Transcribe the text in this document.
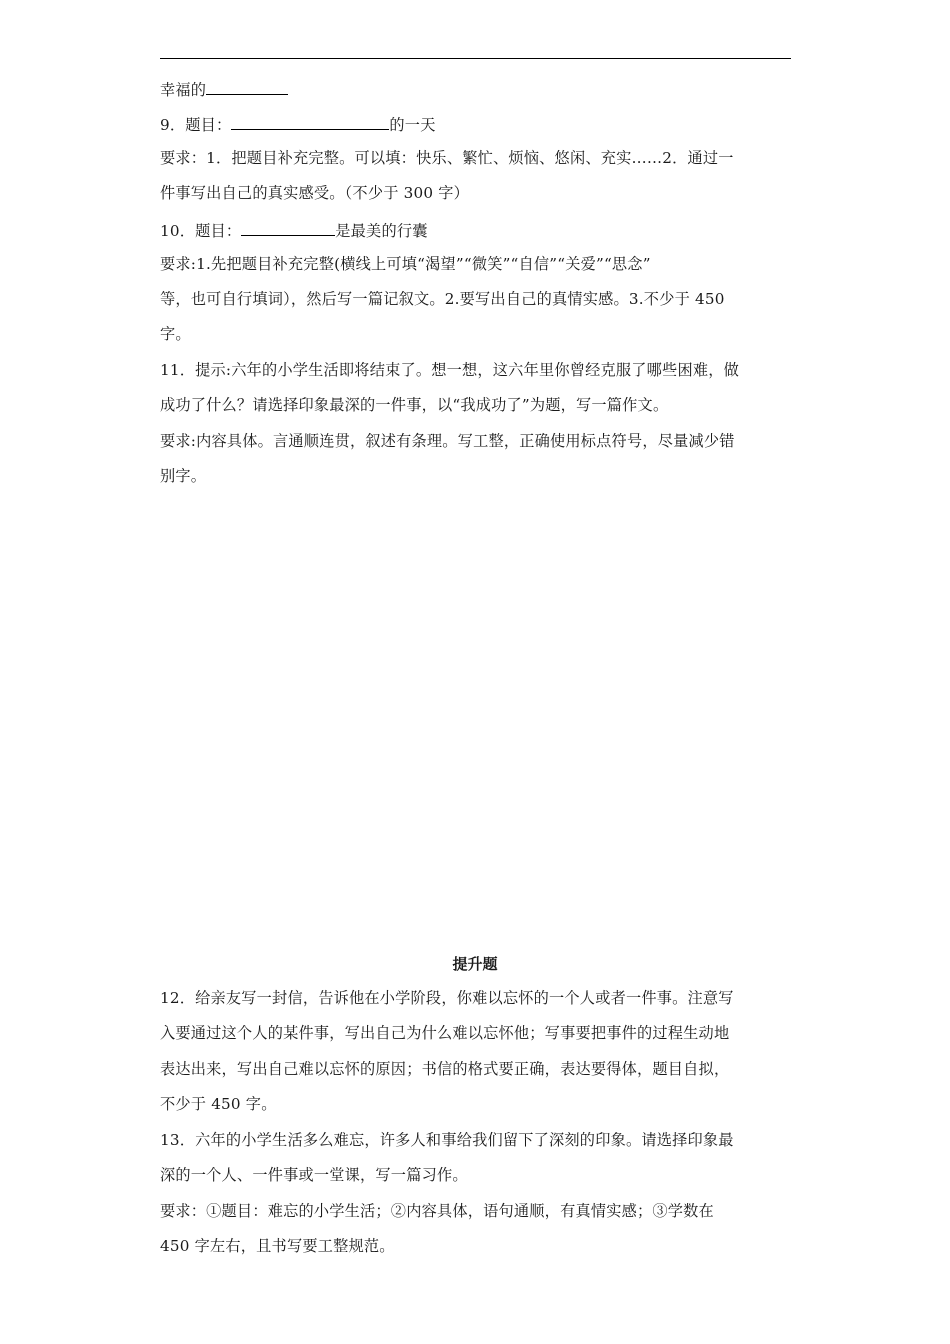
幸福的
9．题目：	的一天
要求：1．把题目补充完整。可以填：快乐、繁忙、烦恼、悠闲、充实……2．通过一
件事写出自己的真实感受。（不少于 300 字）
10．题目：	是最美的行囊
要求:1.先把题目补充完整(横线上可填“渴望”“微笑”“自信”“关爱”“思念”
等，也可自行填词），然后写一篇记叙文。2.要写出自己的真情实感。3.不少于 450
字。
11．提示:六年的小学生活即将结束了。想一想，这六年里你曾经克服了哪些困难，做
成功了什么？请选择印象最深的一件事，以“我成功了”为题，写一篇作文。
要求:内容具体。言通顺连贯，叙述有条理。写工整，正确使用标点符号，尽量减少错
别字。
提升题
12．给亲友写一封信，告诉他在小学阶段，你难以忘怀的一个人或者一件事。注意写
入要通过这个人的某件事，写出自己为什么难以忘怀他；写事要把事件的过程生动地
表达出来，写出自己难以忘怀的原因；书信的格式要正确，表达要得体，题目自拟，
不少于 450 字。
13．六年的小学生活多么难忘，许多人和事给我们留下了深刻的印象。请选择印象最
深的一个人、一件事或一堂课，写一篇习作。
要求：①题目：难忘的小学生活；②内容具体，语句通顺，有真情实感；③学数在
450 字左右，且书写要工整规范。
